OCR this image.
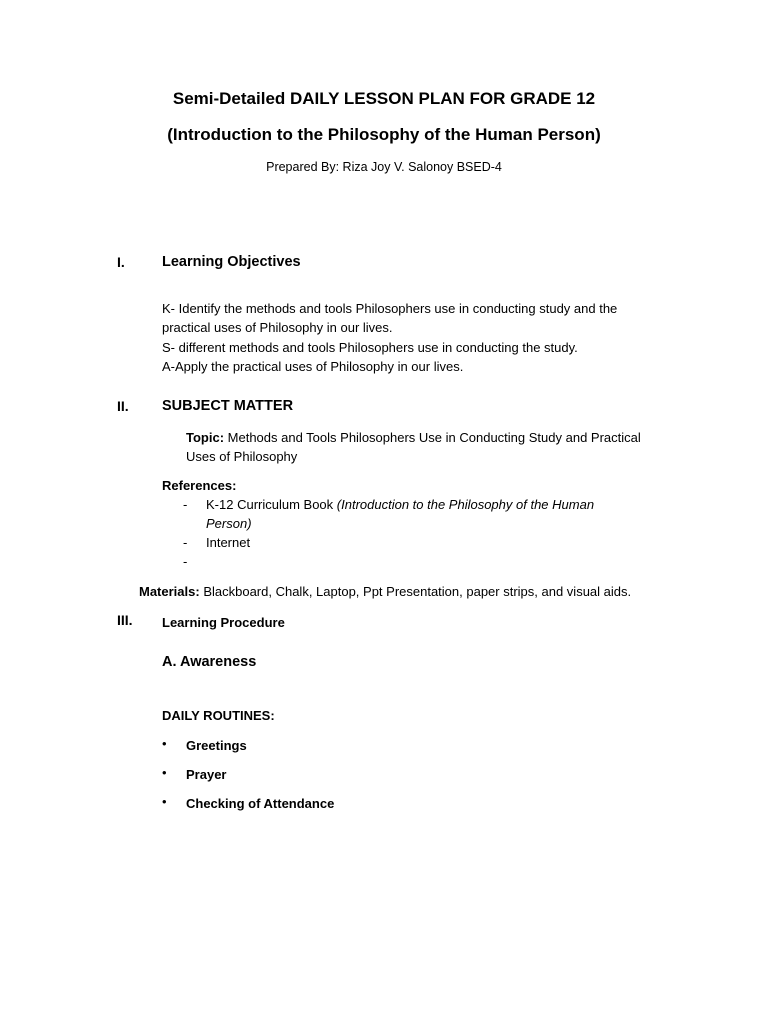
Semi-Detailed DAILY LESSON PLAN FOR GRADE 12
(Introduction to the Philosophy of the Human Person)
Prepared By: Riza Joy V. Salonoy BSED-4
I.	Learning Objectives
K- Identify the methods and tools Philosophers use in conducting study and the
practical uses of Philosophy in our lives.
S- different methods and tools Philosophers use in conducting the study.
A-Apply the practical uses of Philosophy in our lives.
II. SUBJECT MATTER
Topic: Methods and Tools Philosophers Use in Conducting Study and Practical
Uses of Philosophy
References:
- K-12 Curriculum Book (Introduction to the Philosophy of the Human
Person)
- Internet
-
Materials: Blackboard, Chalk, Laptop, Ppt Presentation, paper strips, and visual aids.
III. Learning Procedure
A. Awareness
DAILY ROUTINES:
• Greetings
• Prayer
• Checking of Attendance
